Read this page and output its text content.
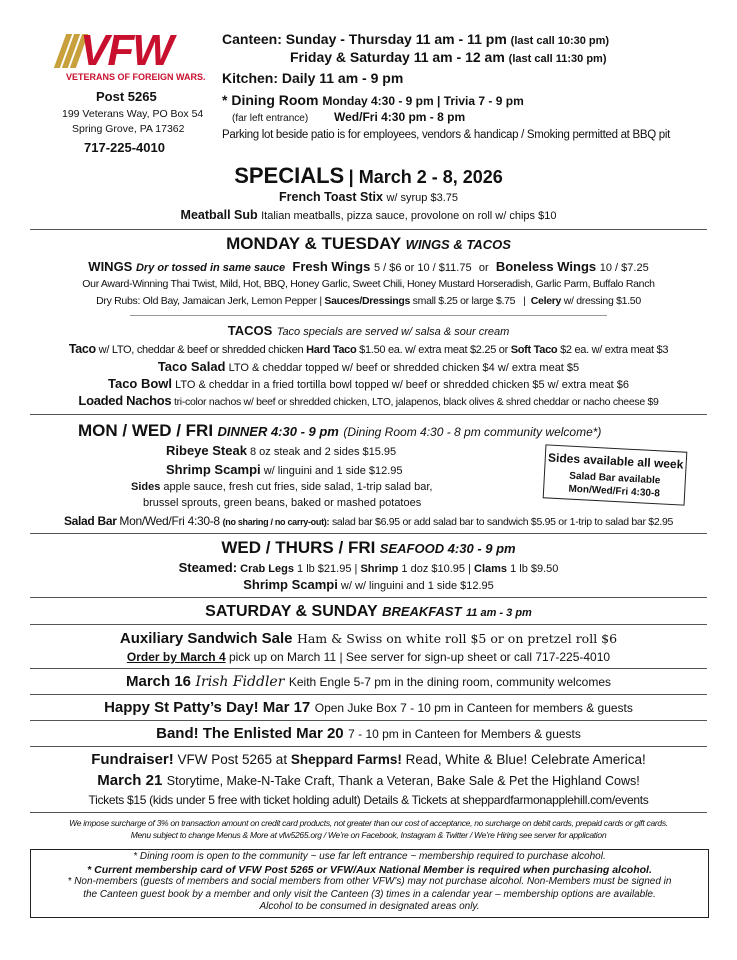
VFW
VETERANS OF FOREIGN WARS.
Post 5265
199 Veterans Way, PO Box 54
Spring Grove, PA 17362
717-225-4010
Canteen: Sunday - Thursday 11 am - 11 pm (last call 10:30 pm)
Friday & Saturday 11 am - 12 am (last call 11:30 pm)
Kitchen: Daily 11 am - 9 pm
* Dining Room Monday 4:30 - 9 pm | Trivia 7 - 9 pm
(far left entrance) Wed/Fri 4:30 pm - 8 pm
Parking lot beside patio is for employees, vendors & handicap / Smoking permitted at BBQ pit
SPECIALS | March 2 - 8, 2026
French Toast Stix w/ syrup $3.75
Meatball Sub Italian meatballs, pizza sauce, provolone on roll w/ chips $10
MONDAY & TUESDAY WINGS & TACOS
WINGS Dry or tossed in same sauce Fresh Wings 5 / $6 or 10 / $11.75 or Boneless Wings 10 / $7.25
Our Award-Winning Thai Twist, Mild, Hot, BBQ, Honey Garlic, Sweet Chili, Honey Mustard Horseradish, Garlic Parm, Buffalo Ranch
Dry Rubs: Old Bay, Jamaican Jerk, Lemon Pepper | Sauces/Dressings small $.25 or large $.75 | Celery w/ dressing $1.50
TACOS Taco specials are served w/ salsa & sour cream
Taco w/ LTO, cheddar & beef or shredded chicken Hard Taco $1.50 ea. w/ extra meat $2.25 or Soft Taco $2 ea. w/ extra meat $3
Taco Salad LTO & cheddar topped w/ beef or shredded chicken $4 w/ extra meat $5
Taco Bowl LTO & cheddar in a fried tortilla bowl topped w/ beef or shredded chicken $5 w/ extra meat $6
Loaded Nachos tri-color nachos w/ beef or shredded chicken, LTO, jalapenos, black olives & shred cheddar or nacho cheese $9
MON / WED / FRI DINNER 4:30 - 9 pm (Dining Room 4:30 - 8 pm community welcome*)
Ribeye Steak 8 oz steak and 2 sides $15.95
Shrimp Scampi w/ linguini and 1 side $12.95
Sides apple sauce, fresh cut fries, side salad, 1-trip salad bar,
brussel sprouts, green beans, baked or mashed potatoes
Sides available all week
Salad Bar available
Mon/Wed/Fri 4:30-8
Salad Bar Mon/Wed/Fri 4:30-8 (no sharing / no carry-out): salad bar $6.95 or add salad bar to sandwich $5.95 or 1-trip to salad bar $2.95
WED / THURS / FRI SEAFOOD 4:30 - 9 pm
Steamed: Crab Legs 1 lb $21.95 | Shrimp 1 doz $10.95 | Clams 1 lb $9.50
Shrimp Scampi w/ w/ linguini and 1 side $12.95
SATURDAY & SUNDAY BREAKFAST 11 am - 3 pm
Auxiliary Sandwich Sale Ham & Swiss on white roll $5 or on pretzel roll $6
Order by March 4 pick up on March 11 | See server for sign-up sheet or call 717-225-4010
March 16 Irish Fiddler Keith Engle 5-7 pm in the dining room, community welcomes
Happy St Patty’s Day! Mar 17 Open Juke Box 7 - 10 pm in Canteen for members & guests
Band! The Enlisted Mar 20 7 - 10 pm in Canteen for Members & guests
Fundraiser! VFW Post 5265 at Sheppard Farms! Read, White & Blue! Celebrate America!
March 21 Storytime, Make-N-Take Craft, Thank a Veteran, Bake Sale & Pet the Highland Cows!
Tickets $15 (kids under 5 free with ticket holding adult) Details & Tickets at sheppardfarmonapplehill.com/events
We impose surcharge of 3% on transaction amount on credit card products, not greater than our cost of acceptance, no surcharge on debit cards, prepaid cards or gift cards.
Menu subject to change Menus & More at vfw5265.org / We’re on Facebook, Instagram & Twitter / We’re Hiring see server for application
* Dining room is open to the community ~ use far left entrance ~ membership required to purchase alcohol.
* Current membership card of VFW Post 5265 or VFW/Aux National Member is required when purchasing alcohol.
* Non-members (guests of members and social members from other VFW’s) may not purchase alcohol. Non-Members must be signed in
the Canteen guest book by a member and only visit the Canteen (3) times in a calendar year – membership options are available.
Alcohol to be consumed in designated areas only.
